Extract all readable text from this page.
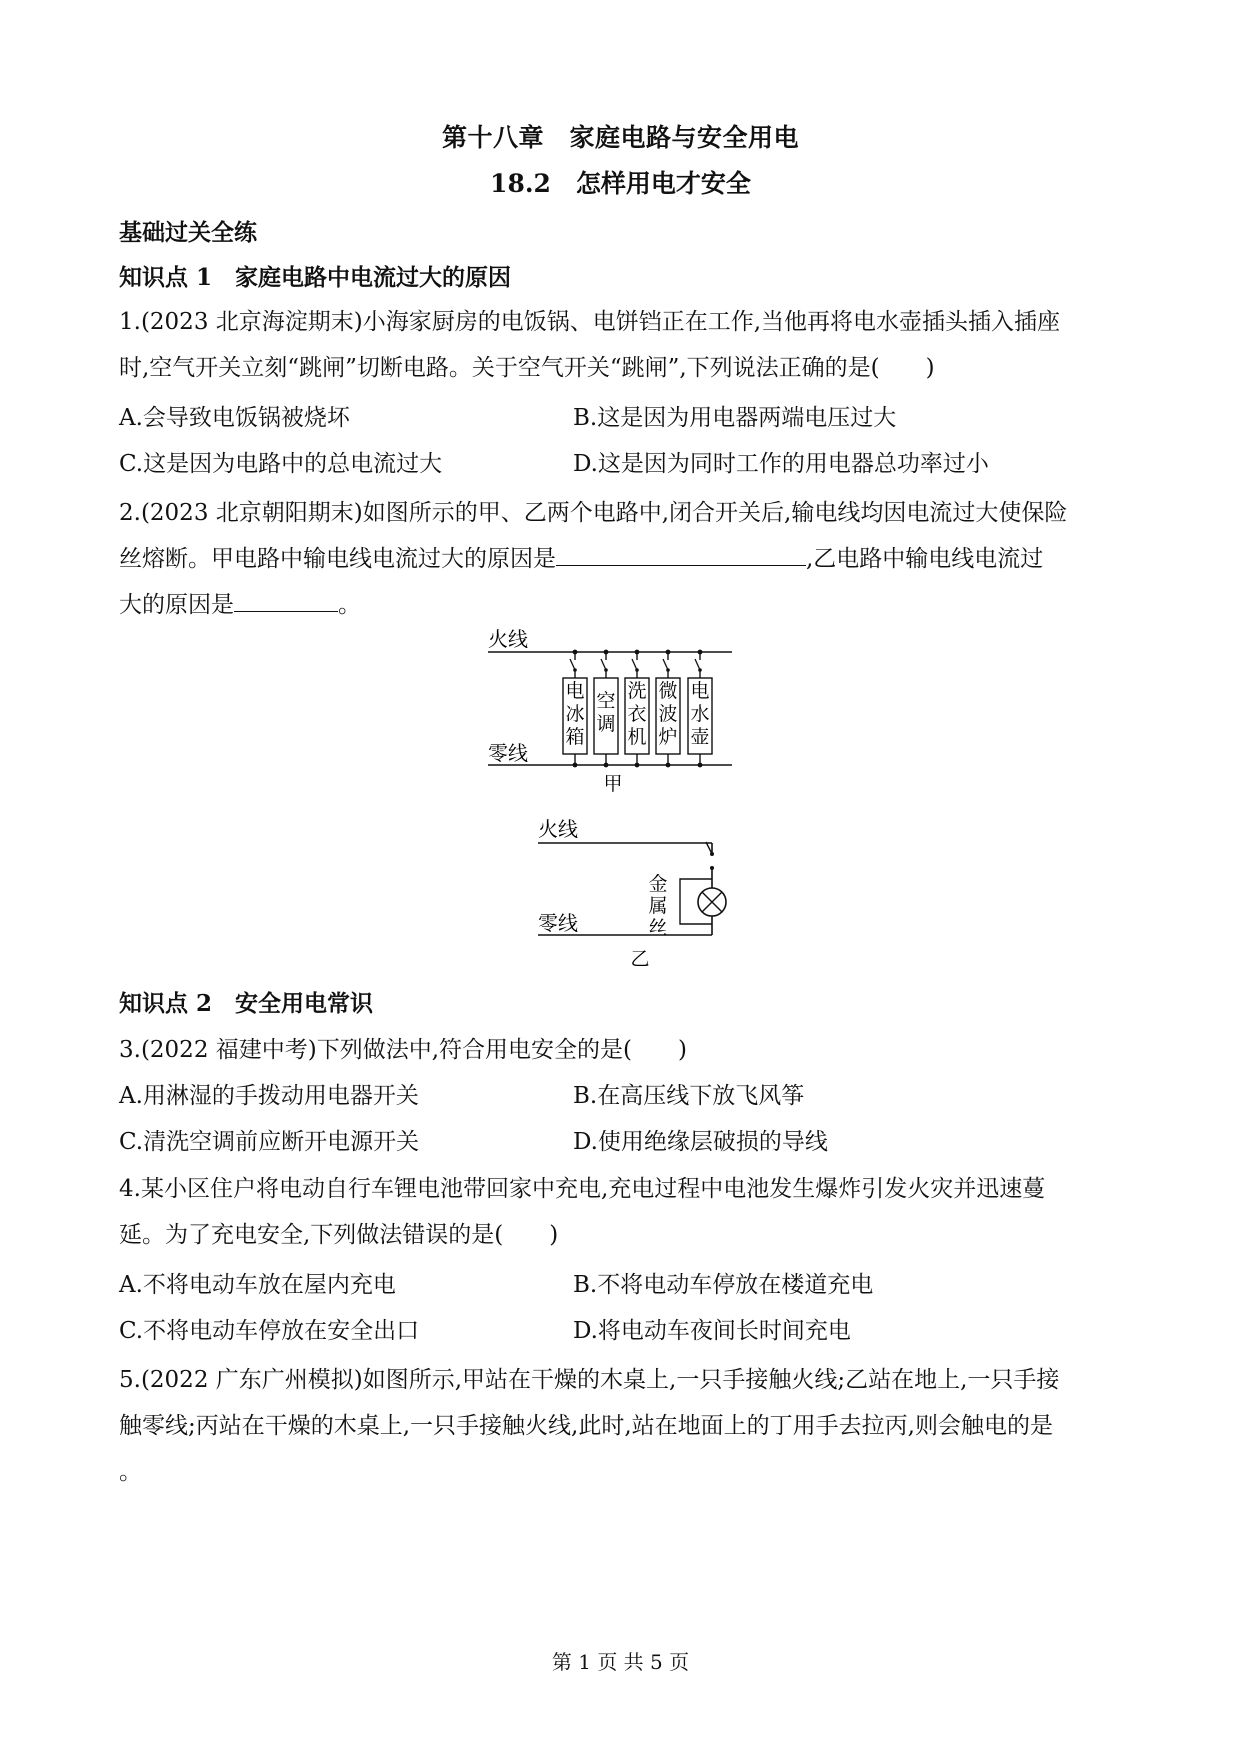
第十八章　家庭电路与安全用电
18.2　怎样用电才安全
基础过关全练
知识点 1　家庭电路中电流过大的原因
1.(2023 北京海淀期末)小海家厨房的电饭锅、电饼铛正在工作,当他再将电水壶插头插入插座
时,空气开关立刻“跳闸”切断电路。关于空气开关“跳闸”,下列说法正确的是(　　)
A.会导致电饭锅被烧坏	B.这是因为用电器两端电压过大
C.这是因为电路中的总电流过大	D.这是因为同时工作的用电器总功率过小
2.(2023 北京朝阳期末)如图所示的甲、乙两个电路中,闭合开关后,输电线均因电流过大使保险
丝熔断。甲电路中输电线电流过大的原因是	,乙电路中输电线电流过
大的原因是	。
火线
零线
电
冰
箱
空
调
洗
衣
机
微
波
炉
电
水
壶
甲
火线
金
属
丝
零线
乙
知识点 2　安全用电常识
3.(2022 福建中考)下列做法中,符合用电安全的是(　　)
A.用淋湿的手拨动用电器开关	B.在高压线下放飞风筝
C.清洗空调前应断开电源开关	D.使用绝缘层破损的导线
4.某小区住户将电动自行车锂电池带回家中充电,充电过程中电池发生爆炸引发火灾并迅速蔓
延。为了充电安全,下列做法错误的是(　　)
A.不将电动车放在屋内充电	B.不将电动车停放在楼道充电
C.不将电动车停放在安全出口	D.将电动车夜间长时间充电
5.(2022 广东广州模拟)如图所示,甲站在干燥的木桌上,一只手接触火线;乙站在地上,一只手接
触零线;丙站在干燥的木桌上,一只手接触火线,此时,站在地面上的丁用手去拉丙,则会触电的是
。
第 1 页 共 5 页
